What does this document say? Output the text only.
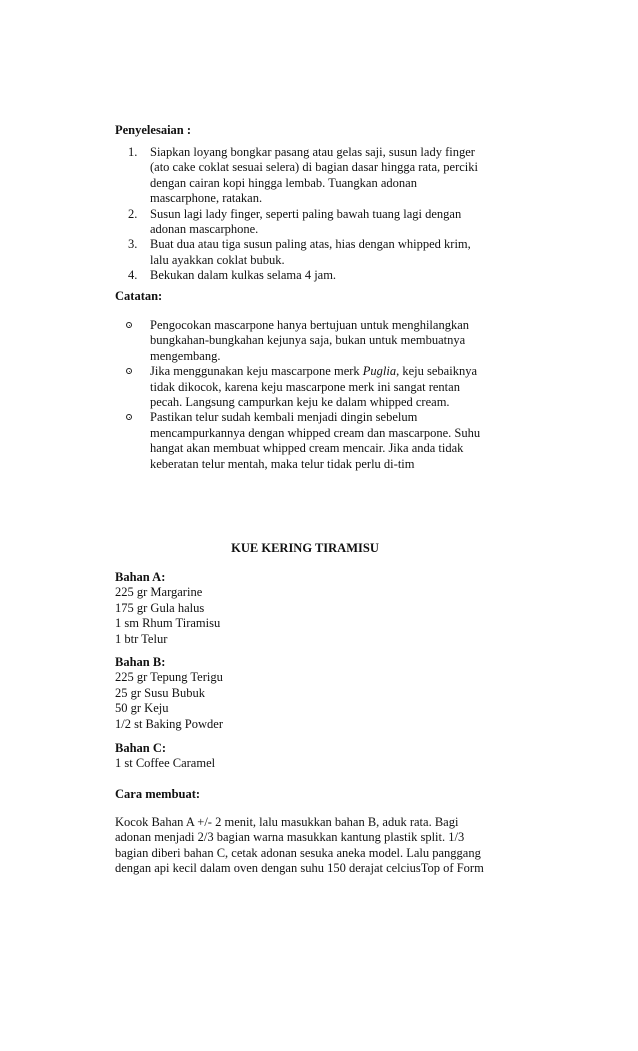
Penyelesaian :
1. Siapkan loyang bongkar pasang atau gelas saji, susun lady finger
(ato cake coklat sesuai selera) di bagian dasar hingga rata, perciki
dengan cairan kopi hingga lembab. Tuangkan adonan
mascarphone, ratakan.
2. Susun lagi lady finger, seperti paling bawah tuang lagi dengan
adonan mascarphone.
3. Buat dua atau tiga susun paling atas, hias dengan whipped krim,
lalu ayakkan coklat bubuk.
4. Bekukan dalam kulkas selama 4 jam.
Catatan:
Pengocokan mascarpone hanya bertujuan untuk menghilangkan
bungkahan-bungkahan kejunya saja, bukan untuk membuatnya
mengembang.
Jika menggunakan keju mascarpone merk Puglia, keju sebaiknya
tidak dikocok, karena keju mascarpone merk ini sangat rentan
pecah. Langsung campurkan keju ke dalam whipped cream.
Pastikan telur sudah kembali menjadi dingin sebelum
mencampurkannya dengan whipped cream dan mascarpone. Suhu
hangat akan membuat whipped cream mencair. Jika anda tidak
keberatan telur mentah, maka telur tidak perlu di-tim
KUE KERING TIRAMISU
Bahan A:
225 gr Margarine
175 gr Gula halus
1 sm Rhum Tiramisu
1 btr Telur
Bahan B:
225 gr Tepung Terigu
25 gr Susu Bubuk
50 gr Keju
1/2 st Baking Powder
Bahan C:
1 st Coffee Caramel
Cara membuat:
Kocok Bahan A +/- 2 menit, lalu masukkan bahan B, aduk rata. Bagi
adonan menjadi 2/3 bagian warna masukkan kantung plastik split. 1/3
bagian diberi bahan C, cetak adonan sesuka aneka model. Lalu panggang
dengan api kecil dalam oven dengan suhu 150 derajat celciusTop of Form
